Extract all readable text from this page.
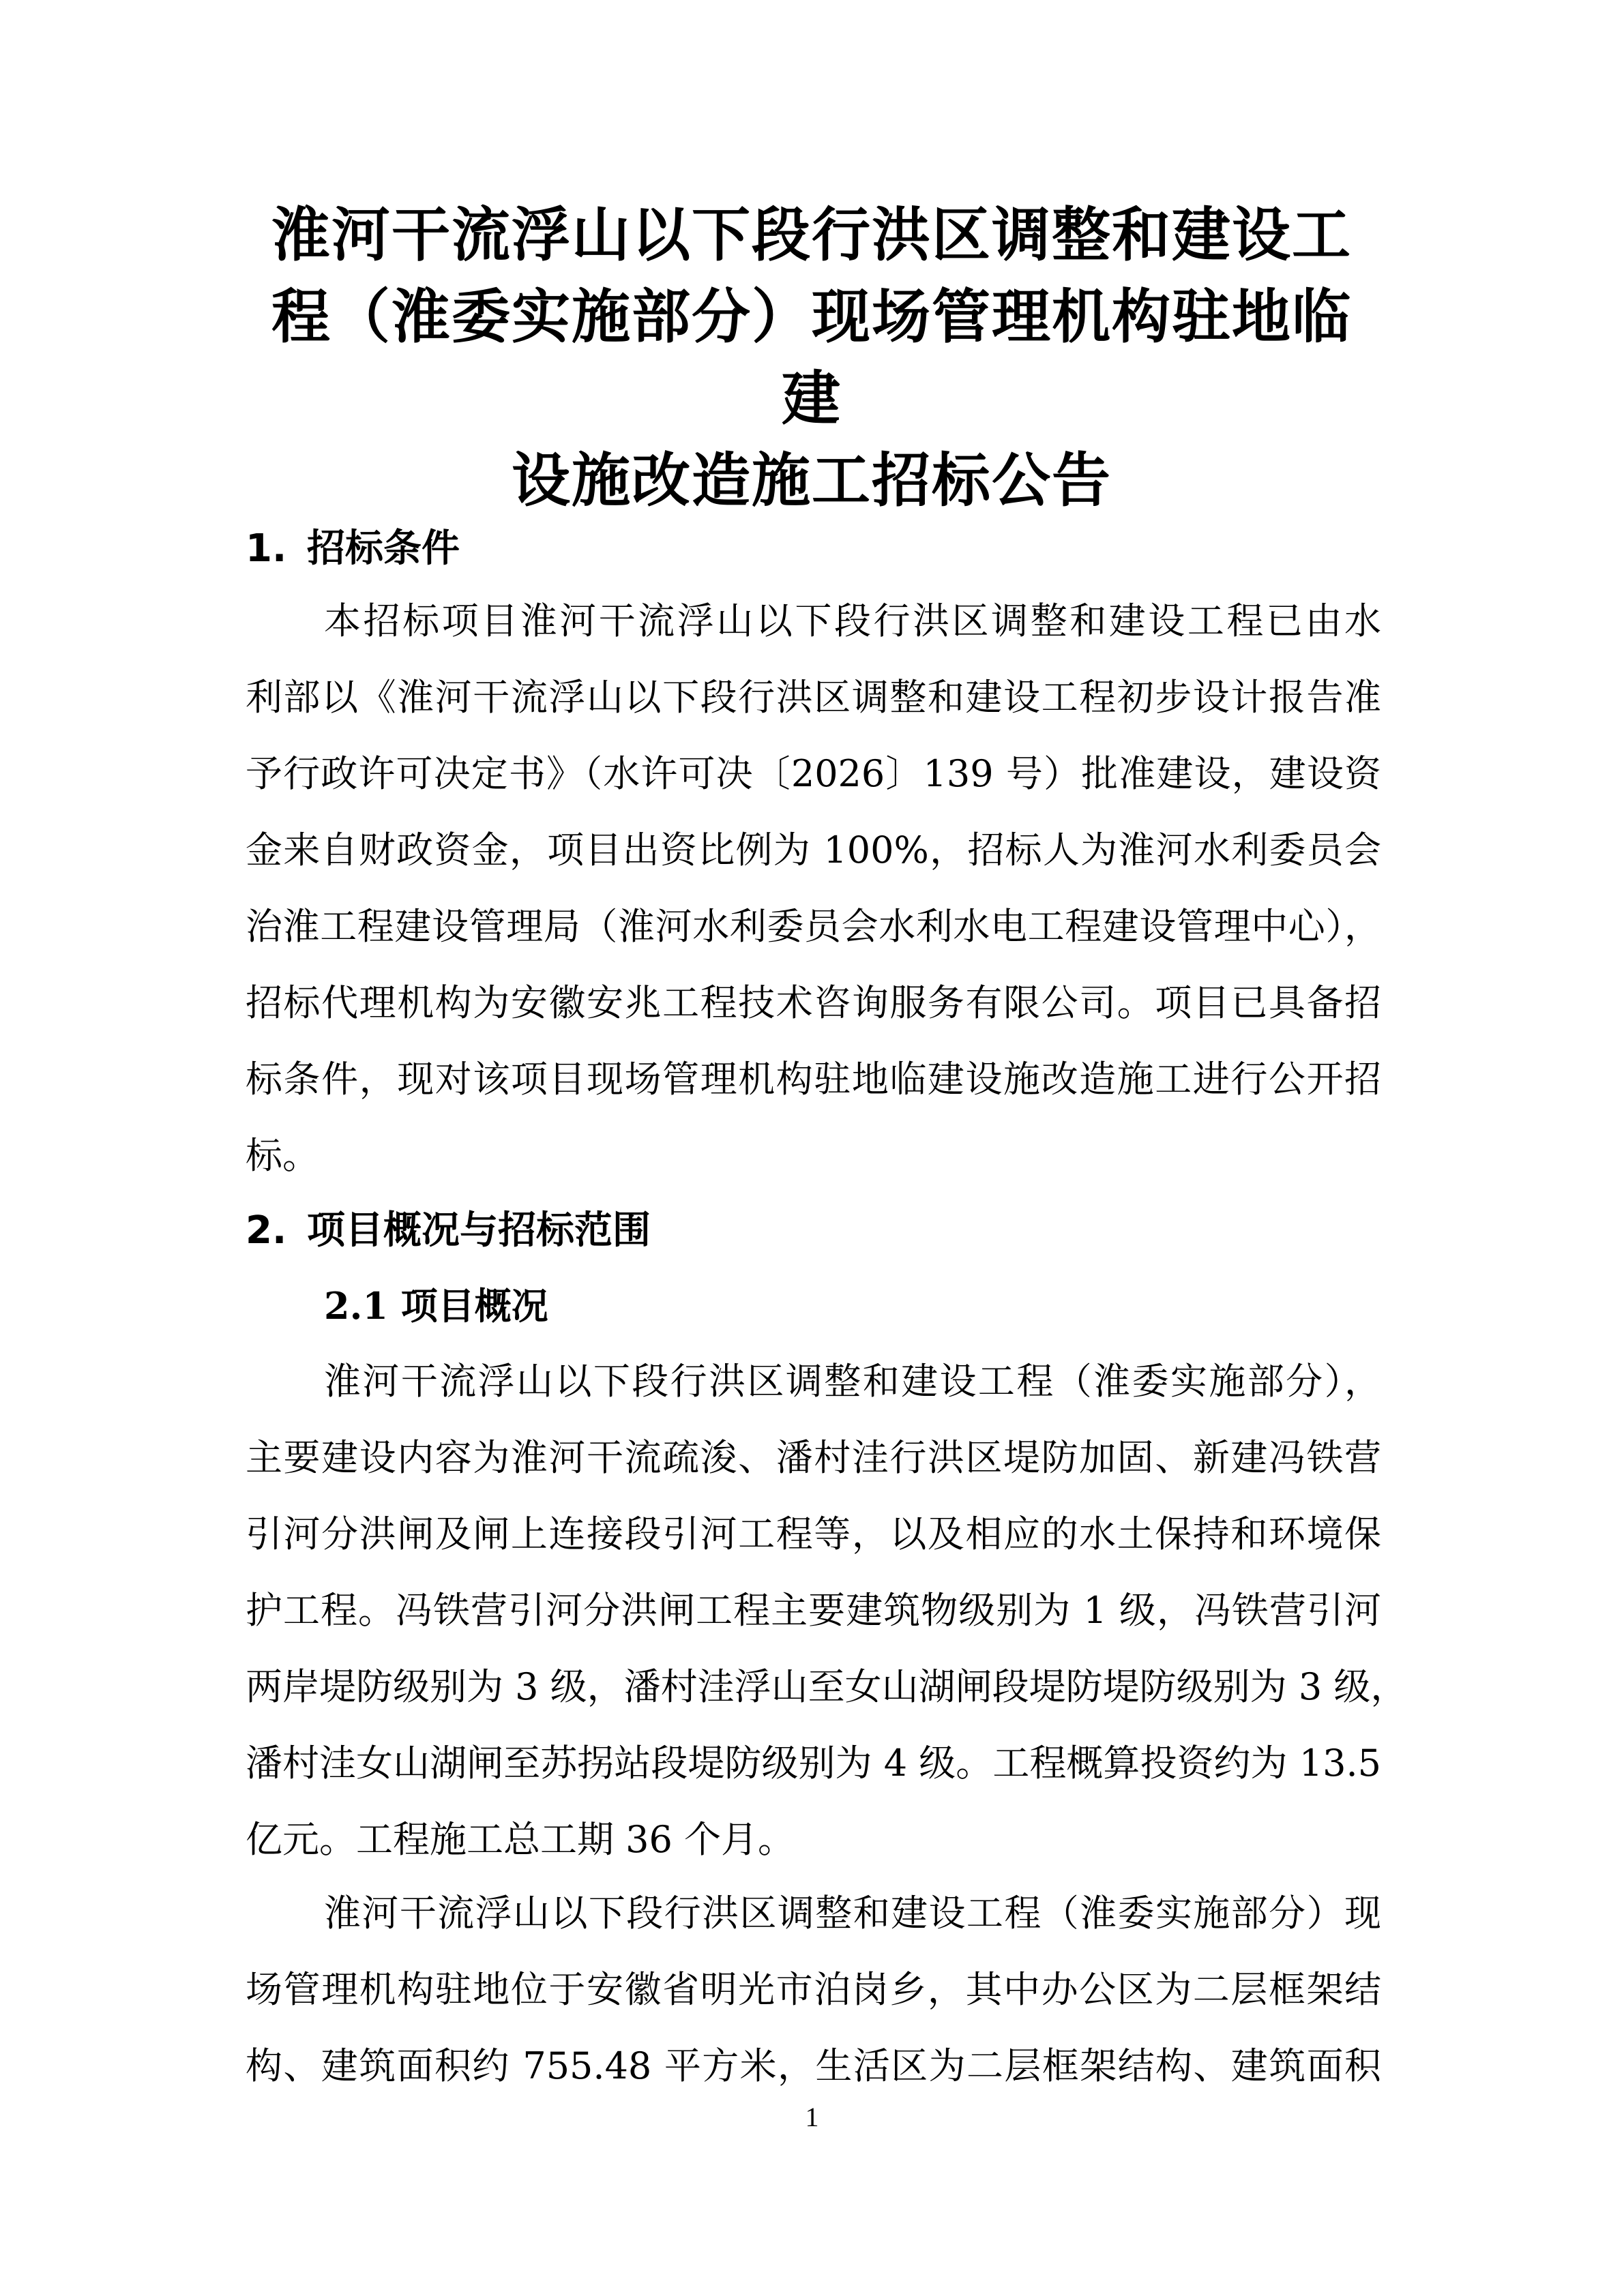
淮河干流浮山以下段行洪区调整和建设工
程（淮委实施部分）现场管理机构驻地临建
设施改造施工招标公告
1. 招标条件
本招标项目淮河干流浮山以下段行洪区调整和建设工程已由水
利部以《淮河干流浮山以下段行洪区调整和建设工程初步设计报告准
予行政许可决定书》（水许可决〔2026〕139 号）批准建设，建设资
金来自财政资金，项目出资比例为 100%，招标人为淮河水利委员会
治淮工程建设管理局（淮河水利委员会水利水电工程建设管理中心），
招标代理机构为安徽安兆工程技术咨询服务有限公司。项目已具备招
标条件，现对该项目现场管理机构驻地临建设施改造施工进行公开招
标。
2. 项目概况与招标范围
2.1 项目概况
淮河干流浮山以下段行洪区调整和建设工程（淮委实施部分），
主要建设内容为淮河干流疏浚、潘村洼行洪区堤防加固、新建冯铁营
引河分洪闸及闸上连接段引河工程等，以及相应的水土保持和环境保
护工程。冯铁营引河分洪闸工程主要建筑物级别为 1 级，冯铁营引河
两岸堤防级别为 3 级，潘村洼浮山至女山湖闸段堤防堤防级别为 3 级，
潘村洼女山湖闸至苏拐站段堤防级别为 4 级。工程概算投资约为 13.5
亿元。工程施工总工期 36 个月。
淮河干流浮山以下段行洪区调整和建设工程（淮委实施部分）现
场管理机构驻地位于安徽省明光市泊岗乡，其中办公区为二层框架结
构、建筑面积约 755.48 平方米，生活区为二层框架结构、建筑面积
1
